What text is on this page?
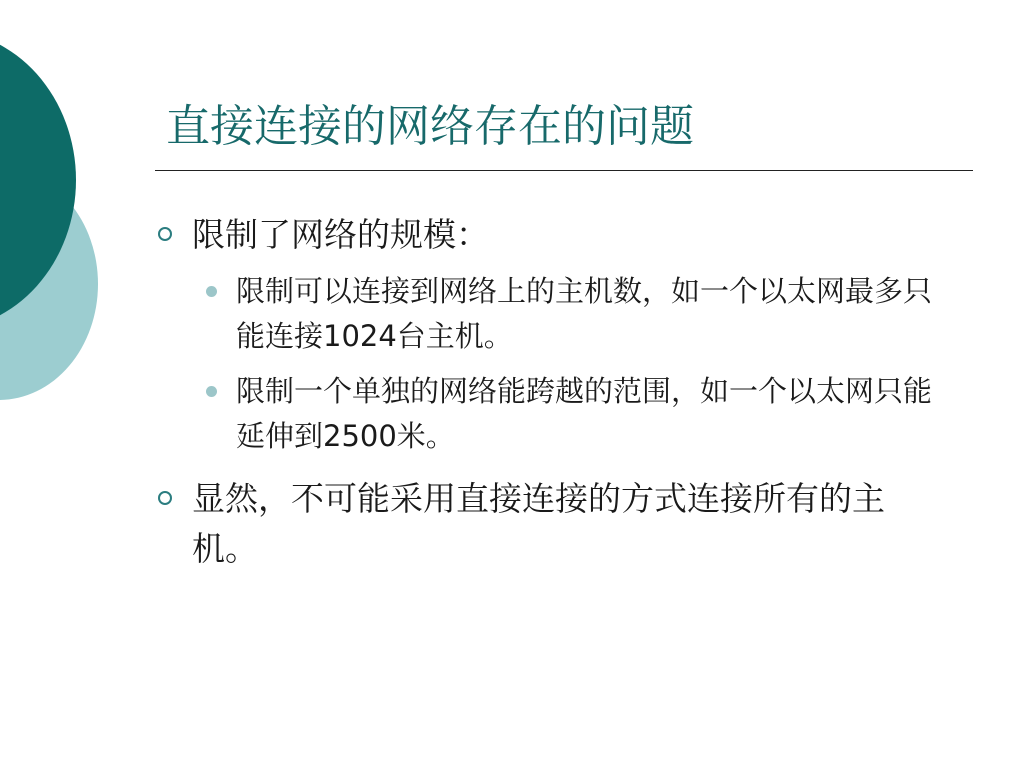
直接连接的网络存在的问题
限制了网络的规模：
限制可以连接到网络上的主机数，如一个以太网最多只能连接1024台主机。
限制一个单独的网络能跨越的范围，如一个以太网只能延伸到2500米。
显然，不可能采用直接连接的方式连接所有的主机。
